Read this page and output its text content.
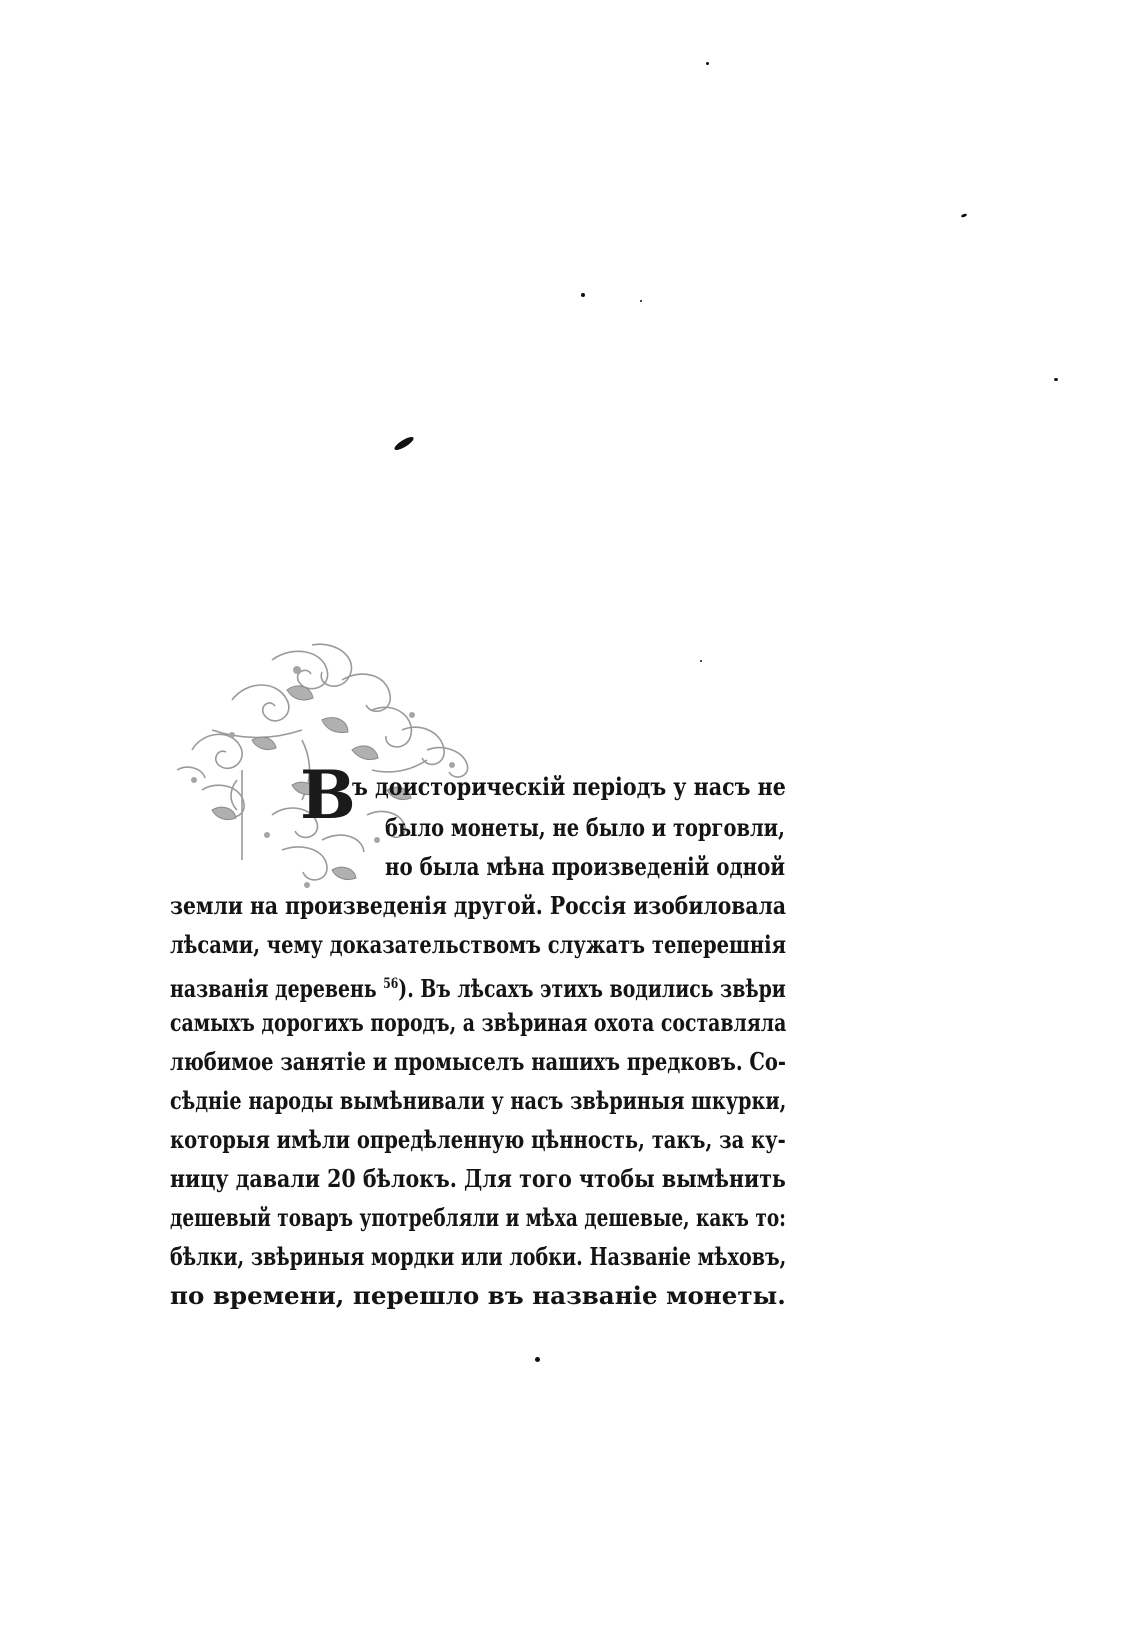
В
ъ доисторическій періодъ у насъ не
было монеты, не было и торговли,
но была мѣна произведеній одной
земли на произведенія другой. Россія изобиловала
лѣсами, чему доказательствомъ служатъ теперешнія
названія деревень $^{56}$). Въ лѣсахъ этихъ водились звѣри
самыхъ дорогихъ породъ, а звѣриная охота составляла
любимое занятіе и промыселъ нашихъ предковъ. Со-
сѣдніе народы вымѣнивали у насъ звѣриныя шкурки,
которыя имѣли опредѣленную цѣнность, такъ, за ку-
ницу давали 20 бѣлокъ. Для того чтобы вымѣнить
дешевый товаръ употребляли и мѣха дешевые, какъ то:
бѣлки, звѣриныя мордки или лобки. Названіе мѣховъ,
по времени, перешло въ названіе монеты.
